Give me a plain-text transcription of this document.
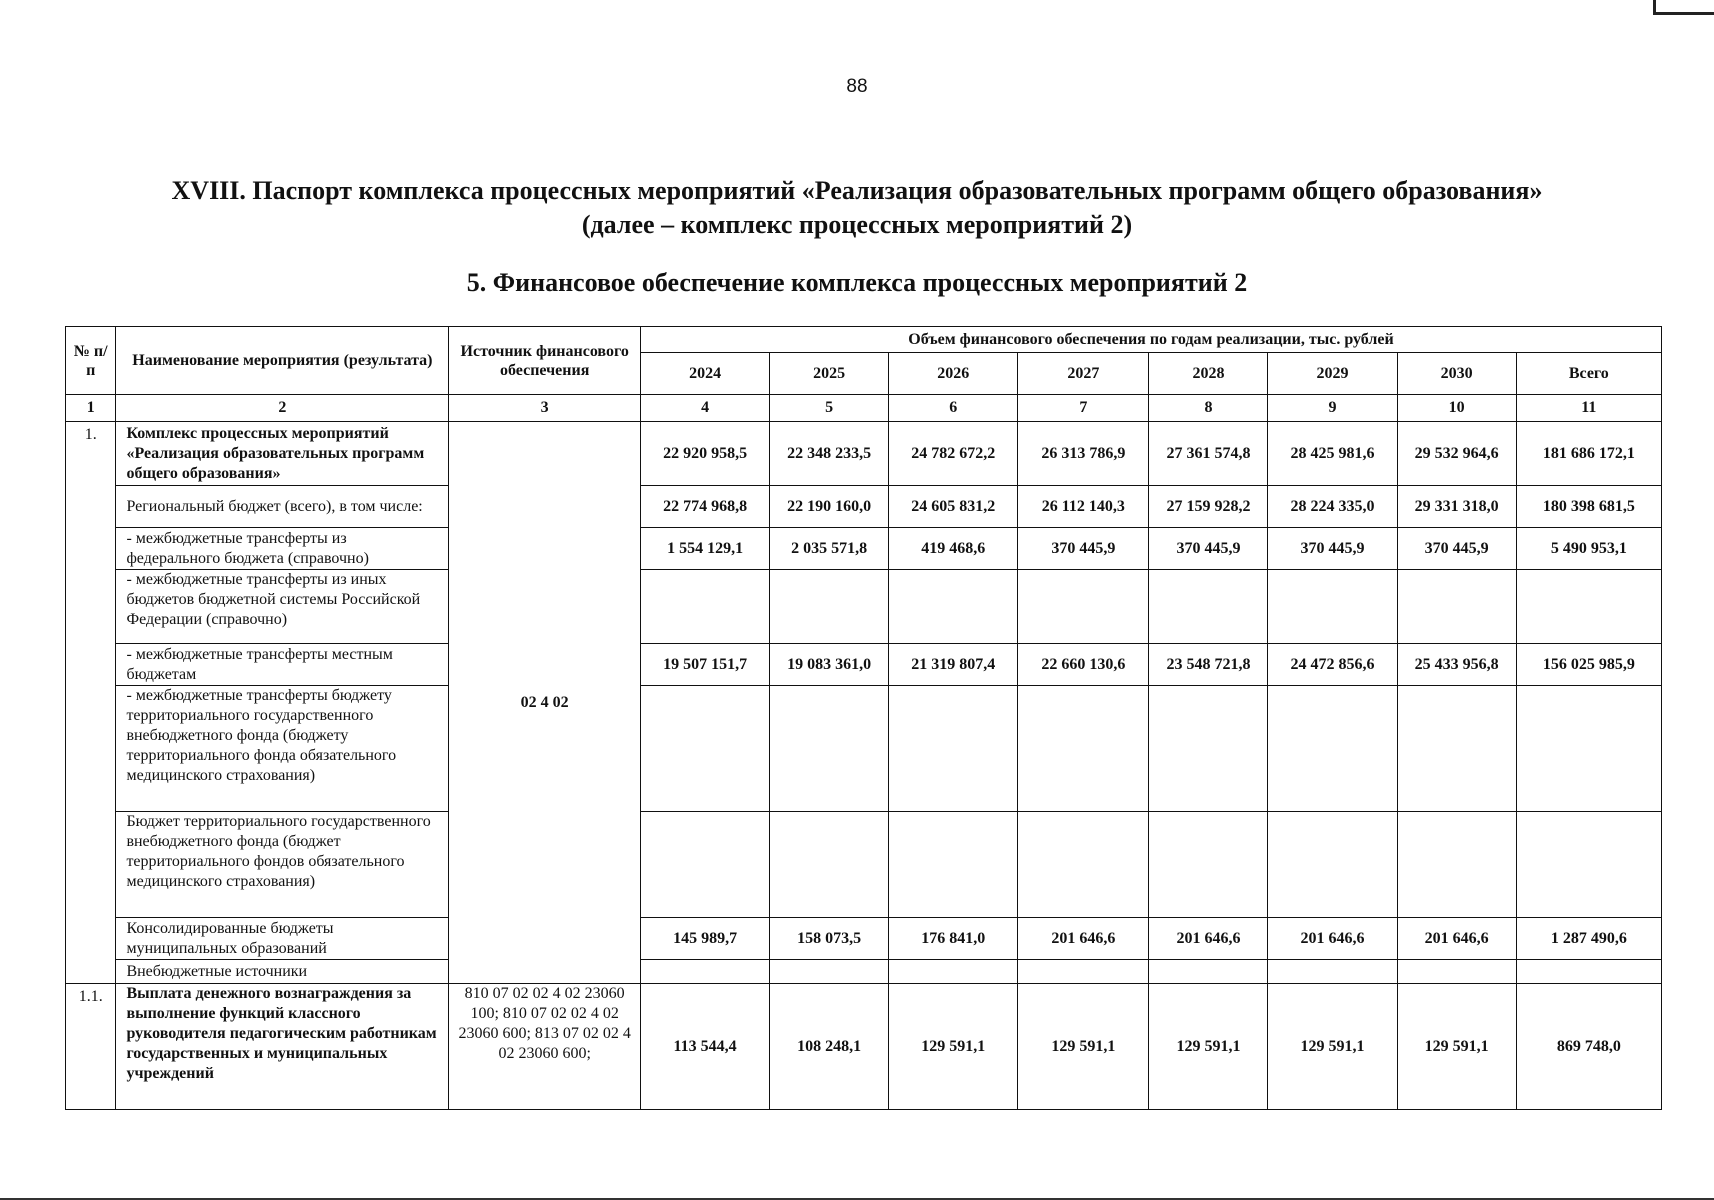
88
XVIII. Паспорт комплекса процессных мероприятий «Реализация образовательных программ общего образования»
(далее – комплекс процессных мероприятий 2)
5. Финансовое обеспечение комплекса процессных мероприятий 2
№ п/п	Наименование мероприятия (результата)	Источник финансового обеспечения	Объем финансового обеспечения по годам реализации, тыс. рублей							
			2024	2025	2026	2027	2028	2029	2030	Всего
1	2	3	4	5	6	7	8	9	10	11
1.	Комплекс процессных мероприятий «Реализация образовательных программ общего образования»	02 4 02	22 920 958,5	22 348 233,5	24 782 672,2	26 313 786,9	27 361 574,8	28 425 981,6	29 532 964,6	181 686 172,1
	Региональный бюджет (всего), в том числе:		22 774 968,8	22 190 160,0	24 605 831,2	26 112 140,3	27 159 928,2	28 224 335,0	29 331 318,0	180 398 681,5
	- межбюджетные трансферты из федерального бюджета (справочно)		1 554 129,1	2 035 571,8	419 468,6	370 445,9	370 445,9	370 445,9	370 445,9	5 490 953,1
	- межбюджетные трансферты из иных бюджетов бюджетной системы Российской Федерации (справочно)									
	- межбюджетные трансферты местным бюджетам		19 507 151,7	19 083 361,0	21 319 807,4	22 660 130,6	23 548 721,8	24 472 856,6	25 433 956,8	156 025 985,9
	- межбюджетные трансферты бюджету территориального государственного внебюджетного фонда (бюджету территориального фонда обязательного медицинского страхования)									
	Бюджет территориального государственного внебюджетного фонда (бюджет территориального фондов обязательного медицинского страхования)									
	Консолидированные бюджеты муниципальных образований		145 989,7	158 073,5	176 841,0	201 646,6	201 646,6	201 646,6	201 646,6	1 287 490,6
	Внебюджетные источники									
1.1.	Выплата денежного вознаграждения за выполнение функций классного руководителя педагогическим работникам государственных и муниципальных учреждений	810 07 02 02 4 02 23060 100; 810 07 02 02 4 02 23060 600; 813 07 02 02 4 02 23060 600;	113 544,4	108 248,1	129 591,1	129 591,1	129 591,1	129 591,1	129 591,1	869 748,0
